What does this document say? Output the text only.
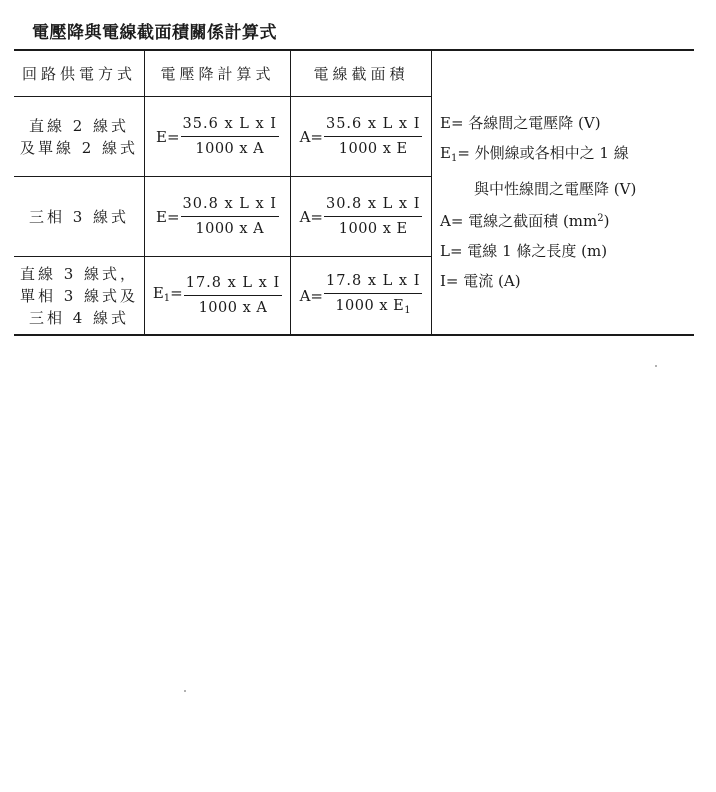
電壓降與電線截面積關係計算式
回路供電方式	電壓降計算式	電線截面積
直線 2 線式
及單線 2 線式
$E= \frac{\text{35.6 x L x I}}{\text{1000 x A}} A= \frac{\text{35.6 x L x I}}{\text{1000 x E}}$
三相 3 線式 $E= \frac{\text{30.8 x L x I}}{\text{1000 x A}} A= \frac{\text{30.8 x L x I}}{\text{1000 x E}}$
直線 3 線式，
單相 3 線式及
三相 4 線式
$E_1= \frac{\text{17.8 x L x I}}{\text{1000 x A}} A= \frac{\text{17.8 x L x I}}{1000 x E_1}$
E= 各線間之電壓降 (V)
$E_1=$ 外側線或各相中之 1 線
與中性線間之電壓降 (V)
A= 電線之截面積 $(mm^2)$
L= 電線 1 條之長度 (m)
I= 電流 (A)
